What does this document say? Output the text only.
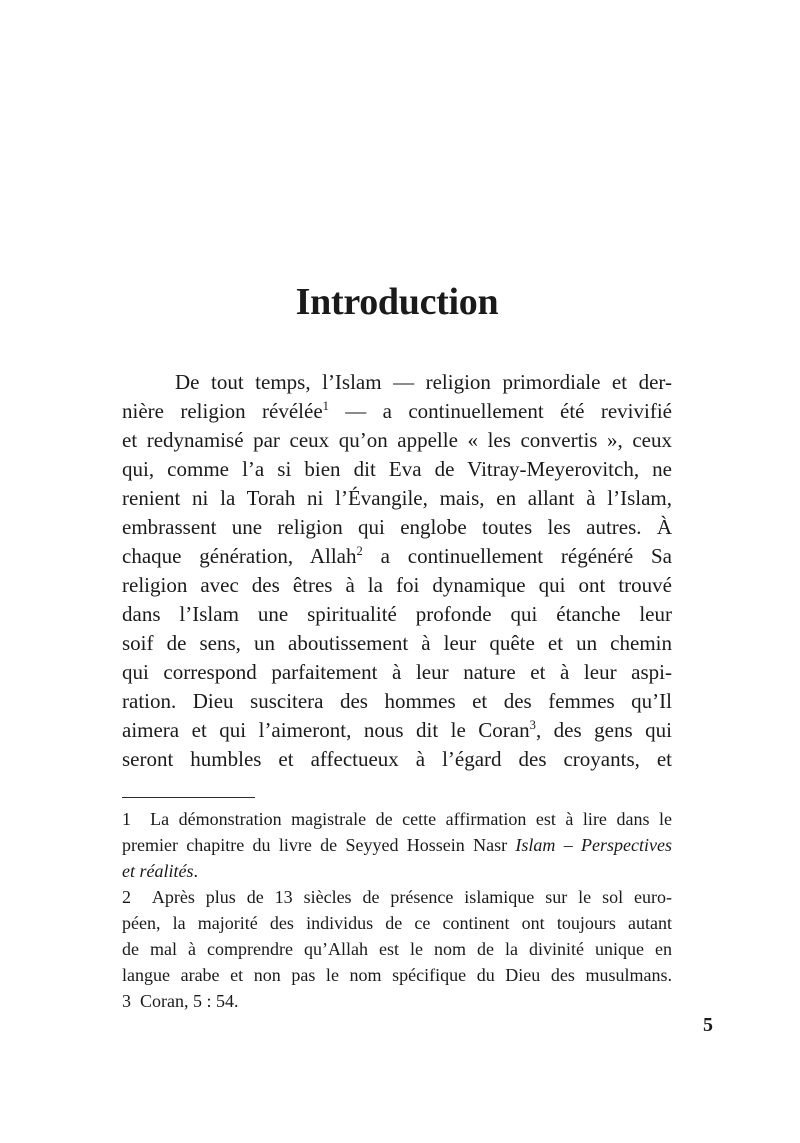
Introduction
De tout temps, l’Islam — religion primordiale et der-
nière religion révélée$^1$ — a continuellement été revivifié
et redynamisé par ceux qu’on appelle « les convertis », ceux
qui, comme l’a si bien dit Eva de Vitray-Meyerovitch, ne
renient ni la Torah ni l’Évangile, mais, en allant à l’Islam,
embrassent une religion qui englobe toutes les autres. À
chaque génération, Allah$^2$ a continuellement régénéré Sa
religion avec des êtres à la foi dynamique qui ont trouvé
dans l’Islam une spiritualité profonde qui étanche leur
soif de sens, un aboutissement à leur quête et un chemin
qui correspond parfaitement à leur nature et à leur aspi-
ration. Dieu suscitera des hommes et des femmes qu’Il
aimera et qui l’aimeront, nous dit le Coran$^3$, des gens qui
seront humbles et affectueux à l’égard des croyants, et
1  La démonstration magistrale de cette affirmation est à lire dans le
premier chapitre du livre de Seyyed Hossein Nasr Islam – Perspectives
et réalités.
2  Après plus de 13 siècles de présence islamique sur le sol euro-
péen, la majorité des individus de ce continent ont toujours autant
de mal à comprendre qu’Allah est le nom de la divinité unique en
langue arabe et non pas le nom spécifique du Dieu des musulmans.
3  Coran, 5 : 54.
5
